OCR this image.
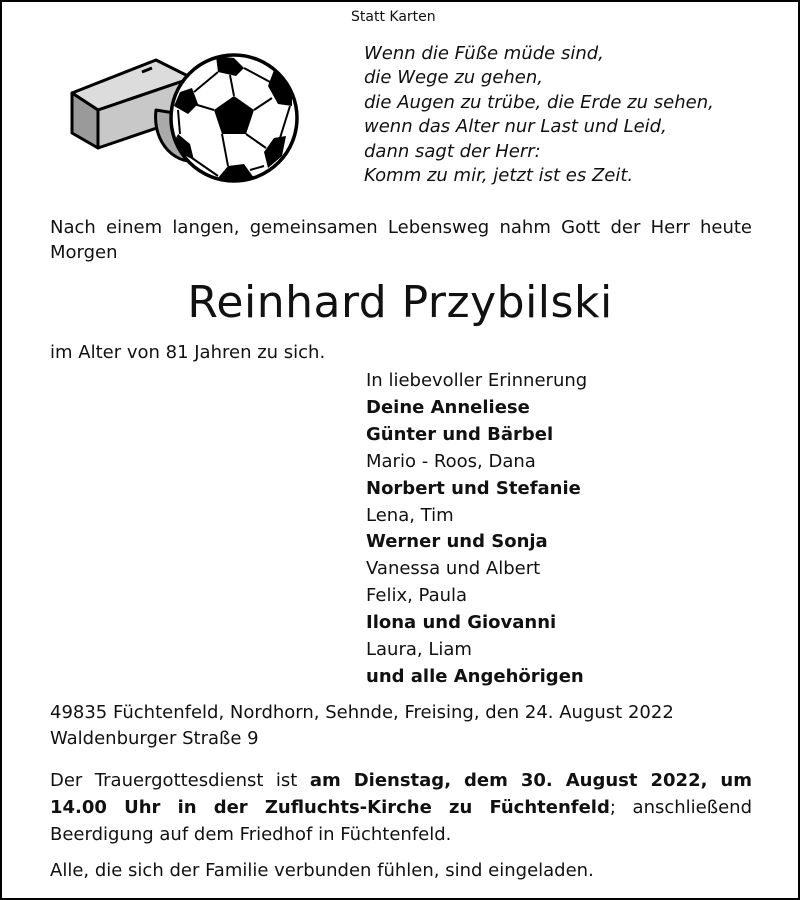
Statt Karten
Wenn die Füße müde sind,
die Wege zu gehen,
die Augen zu trübe, die Erde zu sehen,
wenn das Alter nur Last und Leid,
dann sagt der Herr:
Komm zu mir, jetzt ist es Zeit.
Nach einem langen, gemeinsamen Lebensweg nahm Gott der Herr heute Morgen
Reinhard Przybilski
im Alter von 81 Jahren zu sich.
In liebevoller Erinnerung
Deine Anneliese
Günter und Bärbel
Mario - Roos, Dana
Norbert und Stefanie
Lena, Tim
Werner und Sonja
Vanessa und Albert
Felix, Paula
Ilona und Giovanni
Laura, Liam
und alle Angehörigen
49835 Füchtenfeld, Nordhorn, Sehnde, Freising, den 24. August 2022
Waldenburger Straße 9
Der Trauergottesdienst ist am Dienstag, dem 30. August 2022, um 14.00 Uhr in der Zufluchts-Kirche zu Füchtenfeld; anschließend Beerdigung auf dem Friedhof in Füchtenfeld.
Alle, die sich der Familie verbunden fühlen, sind eingeladen.
